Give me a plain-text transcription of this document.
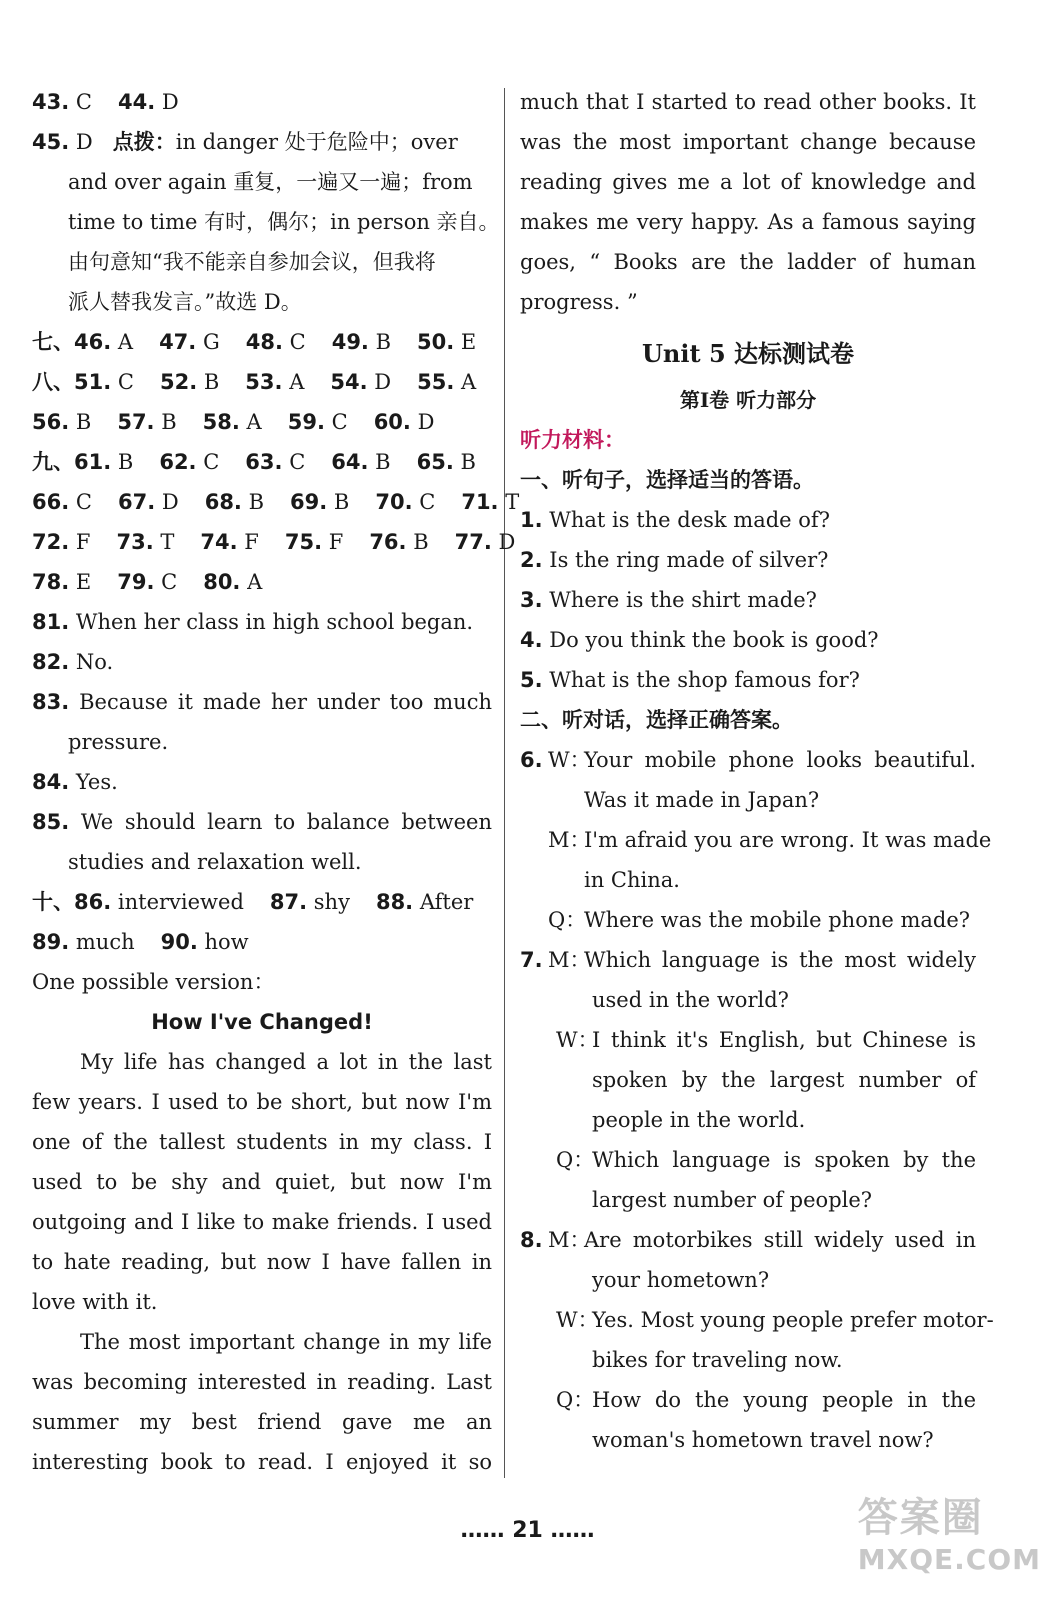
43. C 44. D
45. D 点拨：in danger 处于危险中；over
and over again 重复，一遍又一遍；from
time to time 有时，偶尔；in person 亲自。
由句意知“我不能亲自参加会议，但我将
派人替我发言。”故选 D。
七、46. A 47. G 48. C 49. B 50. E
八、51. C 52. B 53. A 54. D 55. A
56. B 57. B 58. A 59. C 60. D
九、61. B 62. C 63. C 64. B 65. B
66. C 67. D 68. B 69. B 70. C 71. T
72. F 73. T 74. F 75. F 76. B 77. D
78. E 79. C 80. A
81. When her class in high school began.
82. No.
83. Because it made her under too much
pressure.
84. Yes.
85. We should learn to balance between
studies and relaxation well.
十、86. interviewed 87. shy 88. After
89. much 90. how
One possible version：
How I've Changed!
My life has changed a lot in the last
few years. I used to be short, but now I'm
one of the tallest students in my class. I
used to be shy and quiet, but now I'm
outgoing and I like to make friends. I used
to hate reading, but now I have fallen in
love with it.
The most important change in my life
was becoming interested in reading. Last
summer my best friend gave me an
interesting book to read. I enjoyed it so
much that I started to read other books. It
was the most important change because
reading gives me a lot of knowledge and
makes me very happy. As a famous saying
goes, “ Books are the ladder of human
progress. ”
Unit 5 达标测试卷
第Ⅰ卷 听力部分
听力材料：
一、听句子，选择适当的答语。
1. What is the desk made of?
2. Is the ring made of silver?
3. Where is the shirt made?
4. Do you think the book is good?
5. What is the shop famous for?
二、听对话，选择正确答案。
6. W：
Your mobile phone looks beautiful.
Was it made in Japan?
M：
I'm afraid you are wrong. It was made
in China.
Q：
Where was the mobile phone made?
7. M：
Which language is the most widely
used in the world?
W：
I think it's English, but Chinese is
spoken by the largest number of
people in the world.
Q：
Which language is spoken by the
largest number of people?
8. M：
Are motorbikes still widely used in
your hometown?
W：
Yes. Most young people prefer motor-
bikes for traveling now.
Q：
How do the young people in the
woman's hometown travel now?
…… 21 ……	答案圈
MXQE.COM
